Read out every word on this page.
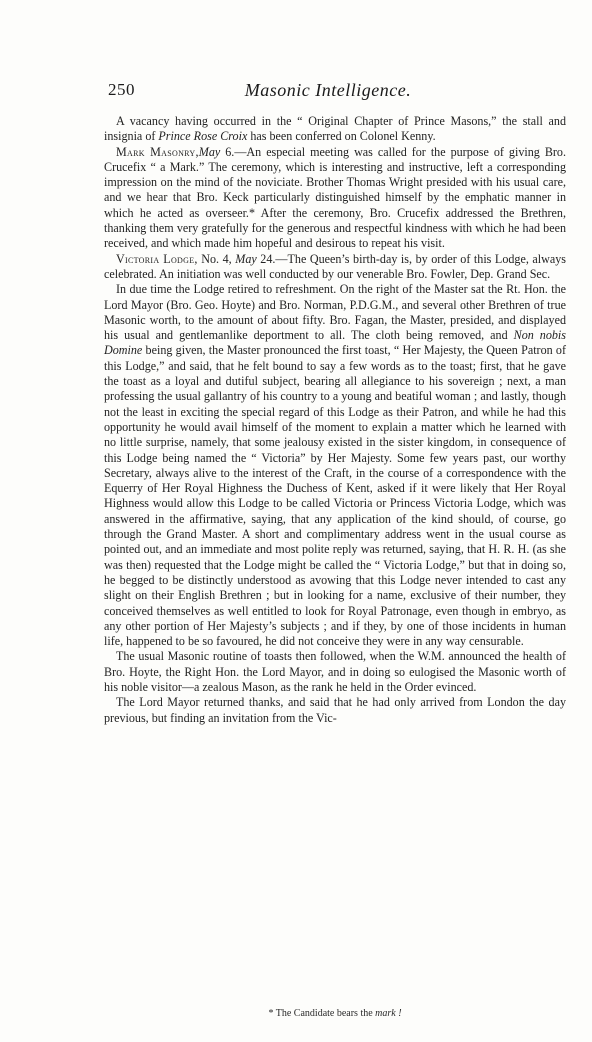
250	Masonic Intelligence.

A vacancy having occurred in the “ Original Chapter of Prince Masons,” the stall and insignia of Prince Rose Croix has been conferred on Colonel Kenny.

Mark Masonry,May 6.—An especial meeting was called for the purpose of giving Bro. Crucefix “ a Mark.” The ceremony, which is interesting and instructive, left a corresponding impression on the mind of the noviciate. Brother Thomas Wright presided with his usual care, and we hear that Bro. Keck particularly distinguished himself by the emphatic manner in which he acted as overseer.* After the ceremony, Bro. Crucefix addressed the Brethren, thanking them very gratefully for the generous and respectful kindness with which he had been received, and which made him hopeful and desirous to repeat his visit.

Victoria Lodge, No. 4, May 24.—The Queen’s birth-day is, by order of this Lodge, always celebrated. An initiation was well conducted by our venerable Bro. Fowler, Dep. Grand Sec.

In due time the Lodge retired to refreshment. On the right of the Master sat the Rt. Hon. the Lord Mayor (Bro. Geo. Hoyte) and Bro. Norman, P.D.G.M., and several other Brethren of true Masonic worth, to the amount of about fifty. Bro. Fagan, the Master, presided, and displayed his usual and gentlemanlike deportment to all. The cloth being removed, and Non nobis Domine being given, the Master pronounced the first toast, “ Her Majesty, the Queen Patron of this Lodge,” and said, that he felt bound to say a few words as to the toast; first, that he gave the toast as a loyal and dutiful subject, bearing all allegiance to his sovereign ; next, a man professing the usual gallantry of his country to a young and beatiful woman ; and lastly, though not the least in exciting the special regard of this Lodge as their Patron, and while he had this opportunity he would avail himself of the moment to explain a matter which he learned with no little surprise, namely, that some jealousy existed in the sister kingdom, in consequence of this Lodge being named the “ Victoria” by Her Majesty. Some few years past, our worthy Secretary, always alive to the interest of the Craft, in the course of a correspondence with the Equerry of Her Royal Highness the Duchess of Kent, asked if it were likely that Her Royal Highness would allow this Lodge to be called Victoria or Princess Victoria Lodge, which was answered in the affirmative, saying, that any application of the kind should, of course, go through the Grand Master. A short and complimentary address went in the usual course as pointed out, and an immediate and most polite reply was returned, saying, that H. R. H. (as she was then) requested that the Lodge might be called the “ Victoria Lodge,” but that in doing so, he begged to be distinctly understood as avowing that this Lodge never intended to cast any slight on their English Brethren ; but in looking for a name, exclusive of their number, they conceived themselves as well entitled to look for Royal Patronage, even though in embryo, as any other portion of Her Majesty’s subjects ; and if they, by one of those incidents in human life, happened to be so favoured, he did not conceive they were in any way censurable.

The usual Masonic routine of toasts then followed, when the W.M. announced the health of Bro. Hoyte, the Right Hon. the Lord Mayor, and in doing so eulogised the Masonic worth of his noble visitor—a zealous Mason, as the rank he held in the Order evinced.

The Lord Mayor returned thanks, and said that he had only arrived from London the day previous, but finding an invitation from the Vic-

* The Candidate bears the mark !
